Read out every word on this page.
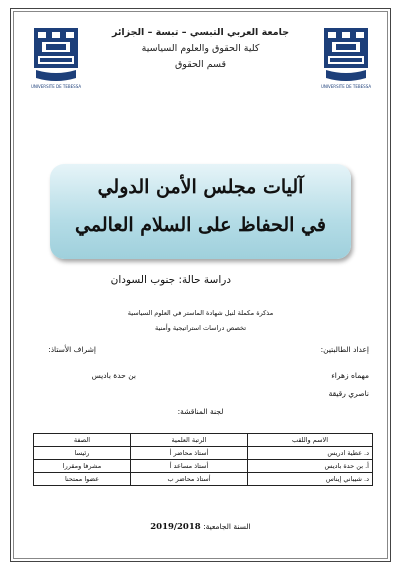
UNIVERSITE DE TEBESSA	UNIVERSITE DE TEBESSA
جامعة العربي التبسي – تبسة – الجزائر
كلية الحقوق والعلوم السياسية
قسم الحقوق
آليات مجلس الأمن الدولي
في الحفاظ على السلام العالمي
دراسة حالة: جنوب السودان
مذكرة مكملة لنيل شهادة الماستر في العلوم السياسية
تخصص دراسات استراتيجية وأمنية
إعداد الطالبتين:
إشراف الأستاذ:
مهماه زهراء
ناصري رقيقة
بن حدة باديس
لجنة المناقشة:
الاسم واللقب	الرتبة العلمية	الصفة
د. عطية ادريس	أستاذ محاضر أ	رئيسا
أ. بن حدة باديس	أستاذ مساعد أ	مشرفا ومقررا
د. شيباني إيناس	أستاذ محاضر ب	عضوا ممتحنا
السنة الجامعية: 2019/2018
